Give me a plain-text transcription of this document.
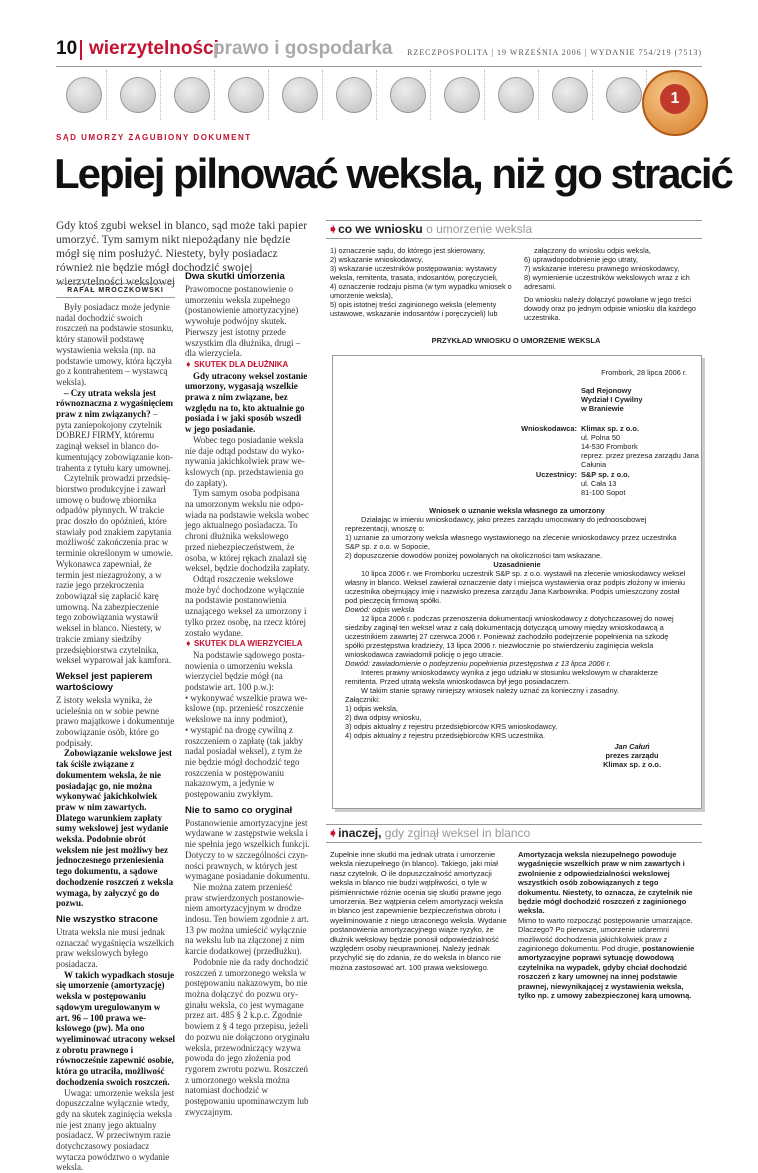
10 wierzytelności
prawo i gospodarka RZECZPOSPOLITA | 19 WRZEŚNIA 2006 | WYDANIE 754/219 (7513)
1
SĄD UMORZY ZAGUBIONY DOKUMENT
Lepiej pilnować weksla, niż go stracić
Gdy ktoś zgubi weksel in blanco, sąd może taki papier umorzyć. Tym samym nikt niepożądany nie będzie mógł się nim posłużyć. Niestety, były posiadacz również nie będzie mógł dochodzić swojej wierzytelności wekslowej
RAFAŁ MROCZKOWSKI

Były posiadacz może jedynie nadal dochodzić swoich roszczeń na podstawie stosunku, który stanowił podstawę wystawienia weksla (np. na podstawie umowy, która łączyła go z kontrahentem – wystawcą weksla).

– Czy utrata weksla jest równoznaczna z wygaśnięciem praw z nim związanych? – pyta zaniepokojony czytelnik DOBREJ FIRMY, któremu zaginął weksel in blanco dokumentujący zobowiązanie kontrahenta z tytułu kary umownej.

Czytelnik prowadzi przedsiębiorstwo produkcyjne i zawarł umowę o budowę zbiornika odpadów płynnych. W trakcie prac doszło do opóźnień, które stawiały pod znakiem zapytania możliwość zakończenia prac w terminie określonym w umowie. Wykonawca zapewniał, że termin jest niezagrożony, a w razie jego przekroczenia zobowiązał się zapłacić karę umowną. Na zabezpieczenie tego zobowiązania wystawił weksel in blanco. Niestety, w trakcie zmiany siedziby przedsiębiorstwa czytelnika, weksel wyparował jak kamfora.

Weksel jest papierem wartościowy

Z istoty weksla wynika, że ucieleśnia on w sobie pewne prawo majątkowe i dokumentuje zobowiązanie osób, które go podpisały.

Zobowiązanie wekslowe jest tak ściśle związane z dokumentem weksla, że nie posiadając go, nie można wykonywać jakichkolwiek praw w nim zawartych. Dlatego warunkiem zapłaty sumy wekslowej jest wydanie weksla. Podobnie obrót wekslem nie jest możliwy bez jednoczesnego przeniesienia tego dokumentu, a sądowe dochodzenie roszczeń z weksla wymaga, by załyczyć go do pozwu.

Nie wszystko stracone

Utrata weksla nie musi jednak oznaczać wygaśnięcia wszelkich praw wekslowych byłego posiadacza.

W takich wypadkach stosuje się umorzenie (amortyzację) weksla w postępowaniu sądowym uregulowanym w art. 96 – 100 prawa wekslowego (pw). Ma ono wyeliminować utracony weksel z obrotu prawnego i równocześnie zapewnić osobie, która go utraciła, możliwość dochodzenia swoich roszczeń.

Uwaga: umorzenie weksla jest dopuszczalne wyłącznie wtedy, gdy na skutek zaginięcia weksla nie jest znany jego aktualny posiadacz. W przeciwnym razie dotychczasowy posiadacz wytacza powództwo o wydanie weksla.

Dwa skutki umorzenia

Prawomocne postanowienie o umorzeniu weksla zupełnego (postanowienie amortyzacyjne) wywołuje podwójny skutek. Pierwszy jest istotny przede wszystkim dla dłużnika, drugi – dla wierzyciela.

➧ SKUTEK DLA DŁUŻNIKA

Gdy utracony weksel zostanie umorzony, wygasają wszelkie prawa z nim związane, bez względu na to, kto aktualnie go posiada i w jaki sposób wszedł w jego posiadanie.

Wobec tego posiadanie weksla nie daje odtąd podstaw do wykonywania jakichkolwiek praw wekslowych (np. przedstawienia go do zapłaty).

Tym samym osoba podpisana na umorzonym wekslu nie odpowiada na podstawie weksla wobec jego aktualnego posiadacza. To chroni dłużnika wekslowego przed niebezpieczeństwem, że osoba, w której rękach znalazł się weksel, będzie dochodziła zapłaty.

Odtąd roszczenie wekslowe może być dochodzone wyłącznie na podstawie postanowienia uznającego weksel za umorzony i tylko przez osobę, na rzecz której zostało wydane.

➧ SKUTEK DLA WIERZYCIELA

Na podstawie sądowego postanowienia o umorzeniu weksla wierzyciel będzie mógł (na podstawie art. 100 p.w.):

• wykonywać wszelkie prawa wekslowe (np. przenieść roszczenie wekslowe na inny podmiot),

• wystąpić na drogę cywilną z roszczeniem o zapłatę (tak jakby nadal posiadał weksel), z tym że nie będzie mógł dochodzić tego roszczenia w postępowaniu nakazowym, a jedynie w postępowaniu zwykłym.

Nie to samo co oryginał

Postanowienie amortyzacyjne jest wydawane w zastępstwie weksla i nie spełnia jego wszelkich funkcji. Dotyczy to w szczególności czynności prawnych, w których jest wymagane posiadanie dokumentu.

Nie można zatem przenieść praw stwierdzonych postanowieniem amortyzacyjnym w drodze indosu. Ten bowiem zgodnie z art. 13 pw można umieścić wyłącznie na wekslu lub na złączonej z nim karcie dodatkowej (przedłużku).

Podobnie nie da rady dochodzić roszczeń z umorzonego weksla w postępowaniu nakazowym, bo nie można dołączyć do pozwu oryginału weksla, co jest wymagane przez art. 485 § 2 k.p.c. Zgodnie bowiem z § 4 tego przepisu, jeżeli do pozwu nie dołączono oryginału weksla, przewodniczący wzywa powoda do jego złożenia pod rygorem zwrotu pozwu. Roszczeń z umorzonego weksla można natomiast dochodzić w postępowaniu upominawczym lub zwyczajnym.

➧co we wniosku o umorzenie weksla
1) oznaczenie sądu, do którego jest skierowany,
2) wskazanie wnioskodawcy,
3) wskazanie uczestników postępowania: wystawcy weksla, remitenta, trasata, indosantów, poręczycieli,
4) oznaczenie rodzaju pisma (w tym wypadku wniosek o umorzenie weksla),
5) opis istotnej treści zaginionego weksla (elementy ustawowe, wskazanie indosantów i poręczycieli) lub
załączony do wniosku odpis weksla,
6) uprawdopodobnienie jego utraty,
7) wskazanie interesu prawnego wnioskodawcy,
8) wymienienie uczestników wekslowych wraz z ich adresami.
Do wniosku należy dołączyć powołane w jego treści dowody oraz po jednym odpisie wniosku dla każdego uczestnika.
PRZYKŁAD WNIOSKU O UMORZENIE WEKSLA
Frombork, 28 lipca 2006 r.
Sąd Rejonowy
Wydział I Cywilny
w Braniewie
Wnioskodawca: Klimax sp. z o.o.
ul. Polna 50
14-530 Frombork
reprez. przez prezesa zarządu Jana Całunia
Uczestnicy: S&P sp. z o.o.
ul. Cała 13
81-100 Sopot

Wniosek o uznanie weksla własnego za umorzony

Działając w imieniu wnioskodawcy, jako prezes zarządu umocowany do jednoosobowej reprezentacji, wnoszę o:

1) uznanie za umorzony weksla własnego wystawionego na zlecenie wnioskodawcy przez uczestnika S&P sp. z o.o. w Sopocie,

2) dopuszczenie dowodów poniżej powołanych na okoliczności tam wskazane.

Uzasadnienie

10 lipca 2006 r. we Fromborku uczestnik S&P sp. z o.o. wystawił na zlecenie wnioskodawcy weksel własny in blanco. Weksel zawierał oznaczenie daty i miejsca wystawienia oraz podpis złożony w imieniu uczestnika obejmujący imię i nazwisko prezesa zarządu Jana Karbownika. Podpis umieszczony został pod pieczęcią firmową spółki.

Dowód: odpis weksla

12 lipca 2006 r. podczas przenoszenia dokumentacji wnioskodawcy z dotychczasowej do nowej siedziby zaginął ten weksel wraz z całą dokumentacją dotyczącą umowy między wnioskodawcą a uczestnikiem zawartej 27 czerwca 2006 r. Ponieważ zachodziło podejrzenie popełnienia na szkodę spółki przestępstwa kradzieży, 13 lipca 2006 r. niezwłocznie po stwierdzeniu zaginięcia weksla wnioskodawca zawiadomił policję o jego utracie.

Dowód: zawiadomienie o podejrzeniu popełnienia przestępstwa z 13 lipca 2006 r.

Interes prawny wnioskodawcy wynika z jego udziału w stosunku wekslowym w charakterze remitenta. Przed utratą weksla wnioskodawca był jego posiadaczem.

W takim stanie sprawy niniejszy wniosek należy uznać za konieczny i zasadny.

Załączniki:

1) odpis weksla,

2) dwa odpisy wniosku,

3) odpis aktualny z rejestru przedsiębiorców KRS wnioskodawcy,

4) odpis aktualny z rejestru przedsiębiorców KRS uczestnika.

Jan Całuń
prezes zarządu
Klimax sp. z o.o.
➧inaczej, gdy zginął weksel in blanco

Zupełnie inne skutki ma jednak utrata i umorzenie weksla niezupełnego (in blanco). Takiego, jaki miał nasz czytelnik. O ile dopuszczalność amortyzacji weksla in blanco nie budzi wątpliwości, o tyle w piśmiennictwie różnie ocenia się skutki prawne jego umorzenia. Bez wątpienia celem amortyzacji weksla in blanco jest zapewnienie bezpieczeństwa obrotu i wyeliminowanie z niego utraconego weksla. Wydanie postanowienia amortyzacyjnego wiąże ryzyko, że dłużnik wekslowy będzie ponosił odpowiedzialność względem osoby nieuprawnionej. Należy jednak przychylić się do zdania, że do weksla in blanco nie można zastosować art. 100 prawa wekslowego.

Amortyzacja weksla niezupełnego powoduje wygaśnięcie wszelkich praw w nim zawartych i zwolnienie z odpowiedzialności wekslowej wszystkich osób zobowiązanych z tego dokumentu. Niestety, to oznacza, że czytelnik nie będzie mógł dochodzić roszczeń z zaginionego weksla.

Mimo to warto rozpocząć postępowanie umarzające. Dlaczego? Po pierwsze, umorzenie udaremni możliwość dochodzenia jakichkolwiek praw z zaginionego dokumentu. Pod drugie, postanowienie amortyzacyjne poprawi sytuację dowodową czytelnika na wypadek, gdyby chciał dochodzić roszczeń z kary umownej na innej podstawie prawnej, niewynikającej z wystawienia weksla, tylko np. z umowy zabezpieczonej karą umowną.
